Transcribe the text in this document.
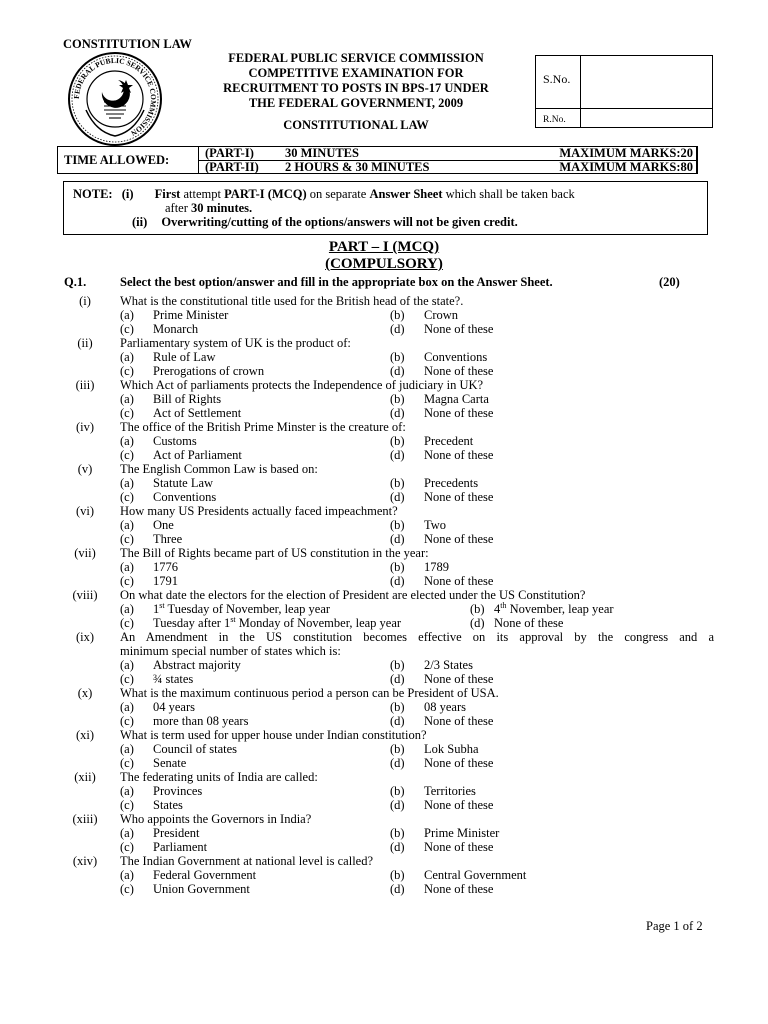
CONSTITUTION LAW
FEDERAL PUBLIC SERVICE COMMISSION
FEDERAL PUBLIC SERVICE COMMISSION
COMPETITIVE EXAMINATION FOR
RECRUITMENT TO POSTS IN BPS-17 UNDER
THE FEDERAL GOVERNMENT, 2009
CONSTITUTIONAL LAW
S.No.
R.No.
TIME ALLOWED:	(PART-I) 30 MINUTES	MAXIMUM MARKS:20
(PART-II) 2 HOURS & 30 MINUTES	MAXIMUM MARKS:80
NOTE: (i) First attempt PART-I (MCQ) on separate Answer Sheet which shall be taken back
after 30 minutes.
(ii) Overwriting/cutting of the options/answers will not be given credit.
PART – I (MCQ)
(COMPULSORY)
Q.1.	Select the best option/answer and fill in the appropriate box on the Answer Sheet.	(20)
(i)	What is the constitutional title used for the British head of the state?.
(a) Prime Minister	(b) Crown
(c) Monarch	(d) None of these
(ii)	Parliamentary system of UK is the product of:
(a) Rule of Law	(b) Conventions
(c) Prerogations of crown	(d) None of these
(iii)	Which Act of parliaments protects the Independence of judiciary in UK?
(a) Bill of Rights	(b) Magna Carta
(c) Act of Settlement	(d) None of these
(iv)	The office of the British Prime Minster is the creature of:
(a) Customs	(b) Precedent
(c) Act of Parliament	(d) None of these
(v)	The English Common Law is based on:
(a) Statute Law	(b) Precedents
(c) Conventions	(d) None of these
(vi)	How many US Presidents actually faced impeachment?
(a) One	(b) Two
(c) Three	(d) None of these
(vii)	The Bill of Rights became part of US constitution in the year:
(a) 1776	(b) 1789
(c) 1791	(d) None of these
(viii)	On what date the electors for the election of President are elected under the US Constitution?
(a) 1st Tuesday of November, leap year	(b) 4th November, leap year
(c) Tuesday after 1st Monday of November, leap year	(d) None of these
(ix)	An Amendment in the US constitution becomes effective on its approval by the congress and a
minimum special number of states which is:
(a) Abstract majority	(b) 2/3 States
(c) ¾ states	(d) None of these
(x)	What is the maximum continuous period a person can be President of USA.
(a) 04 years	(b) 08 years
(c) more than 08 years	(d) None of these
(xi)	What is term used for upper house under Indian constitution?
(a) Council of states	(b) Lok Subha
(c) Senate	(d) None of these
(xii)	The federating units of India are called:
(a) Provinces	(b) Territories
(c) States	(d) None of these
(xiii)	Who appoints the Governors in India?
(a) President	(b) Prime Minister
(c) Parliament	(d) None of these
(xiv)	The Indian Government at national level is called?
(a) Federal Government	(b) Central Government
(c) Union Government	(d) None of these
Page 1 of 2
